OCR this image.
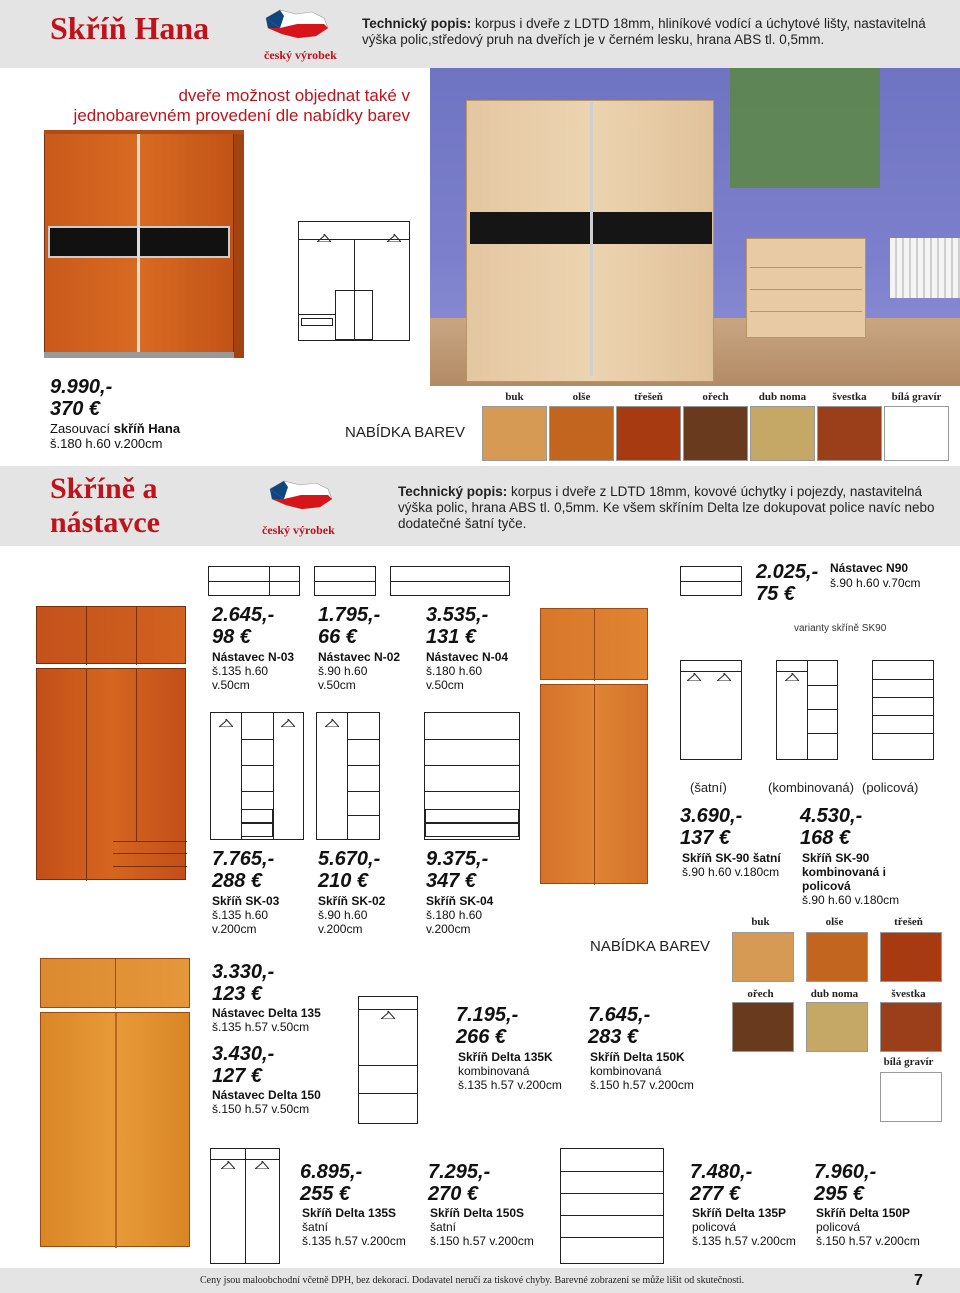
Skříň Hana
český výrobek
Technický popis: korpus i dveře z LDTD 18mm, hliníkové vodící a úchytové lišty, nastavitelná výška polic,středový pruh na dveřích je v černém lesku, hrana ABS tl. 0,5mm.
dveře možnost objednat také v jednobarevném provedení dle nabídky barev
9.990,-
370 €
Zasouvací skříň Hana
š.180 h.60 v.200cm
NABÍDKA BAREV
buk	olše	třešeň	ořech	dub noma	švestka	bílá gravír
Skříně a
nástavce	český výrobek
Technický popis: korpus i dveře z LDTD 18mm, kovové úchytky i pojezdy, nastavitelná výška polic, hrana ABS tl. 0,5mm. Ke všem skříním Delta lze dokupovat police navíc nebo dodatečné šatní tyče.
2.645,-
98 €
Nástavec N-03
š.135 h.60
v.50cm
1.795,-
66 €
Nástavec N-02
š.90 h.60
v.50cm
3.535,-
131 €
Nástavec N-04
š.180 h.60
v.50cm
7.765,-
288 €
Skříň SK-03
š.135 h.60
v.200cm
5.670,-
210 €
Skříň SK-02
š.90 h.60
v.200cm
9.375,-
347 €
Skříň SK-04
š.180 h.60
v.200cm
2.025,-
75 €
Nástavec N90
š.90 h.60 v.70cm
varianty skříně SK90
(šatní)	(kombinovaná) (policová)
3.690,-
137 €
Skříň SK-90 šatní
š.90 h.60 v.180cm
4.530,-
168 €
Skříň SK-90
kombinovaná i
policová
š.90 h.60 v.180cm
NABÍDKA BAREV
buk	olše	třešeň
ořech	dub noma	švestka
bílá gravír
3.330,-
123 €
Nástavec Delta 135
š.135 h.57 v.50cm
3.430,-
127 €
Nástavec Delta 150
š.150 h.57 v.50cm
7.195,-
266 €
Skříň Delta 135K
kombinovaná
š.135 h.57 v.200cm
7.645,-
283 €
Skříň Delta 150K
kombinovaná
š.150 h.57 v.200cm
6.895,-
255 €
Skříň Delta 135S
šatní
š.135 h.57 v.200cm
7.295,-
270 €
Skříň Delta 150S
šatní
š.150 h.57 v.200cm
7.480,-
277 €
Skříň Delta 135P
policová
š.135 h.57 v.200cm
7.960,-
295 €
Skříň Delta 150P
policová
š.150 h.57 v.200cm
Ceny jsou maloobchodní včetně DPH, bez dekorací. Dodavatel neručí za tiskové chyby. Barevné zobrazení se může lišit od skutečnosti.	7
